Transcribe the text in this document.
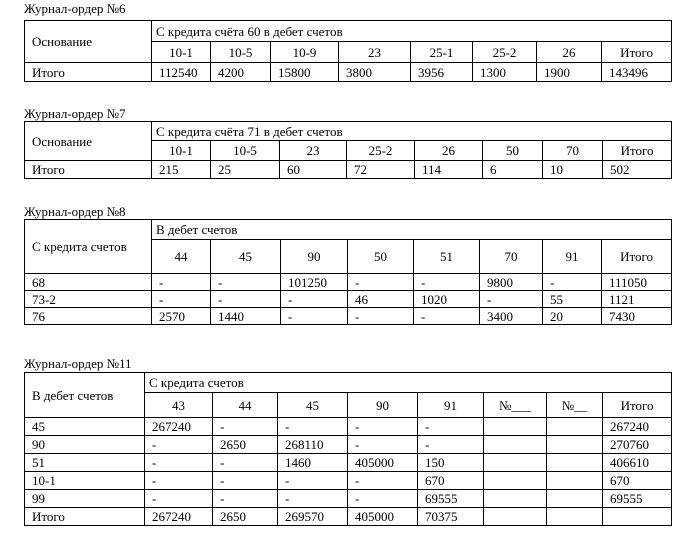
Журнал-ордер №6
Основание	С кредита счёта 60 в дебет счетов							
	10-1	10-5	10-9	23	25-1	25-2	26	Итого
Итого	112540	4200	15800	3800	3956	1300	1900	143496
Журнал-ордер №7
Основание	С кредита счёта 71 в дебет счетов							
	10-1	10-5	23	25-2	26	50	70	Итого
Итого	215	25	60	72	114	6	10	502
Журнал-ордер №8
С кредита счетов	В дебет счетов							
	44	45	90	50	51	70	91	Итого
68	-	-	101250	-	-	9800	-	111050
73-2	-	-	-	46	1020	-	55	1121
76	2570	1440	-	-	-	3400	20	7430
Журнал-ордер №11
В дебет счетов	С кредита счетов							
	43	44	45	90	91	№___	№__	Итого
45	267240	-	-	-	-			267240
90	-	2650	268110	-	-			270760
51	-	-	1460	405000	150			406610
10-1	-	-	-	-	670			670
99	-	-	-	-	69555			69555
Итого	267240	2650	269570	405000	70375			
